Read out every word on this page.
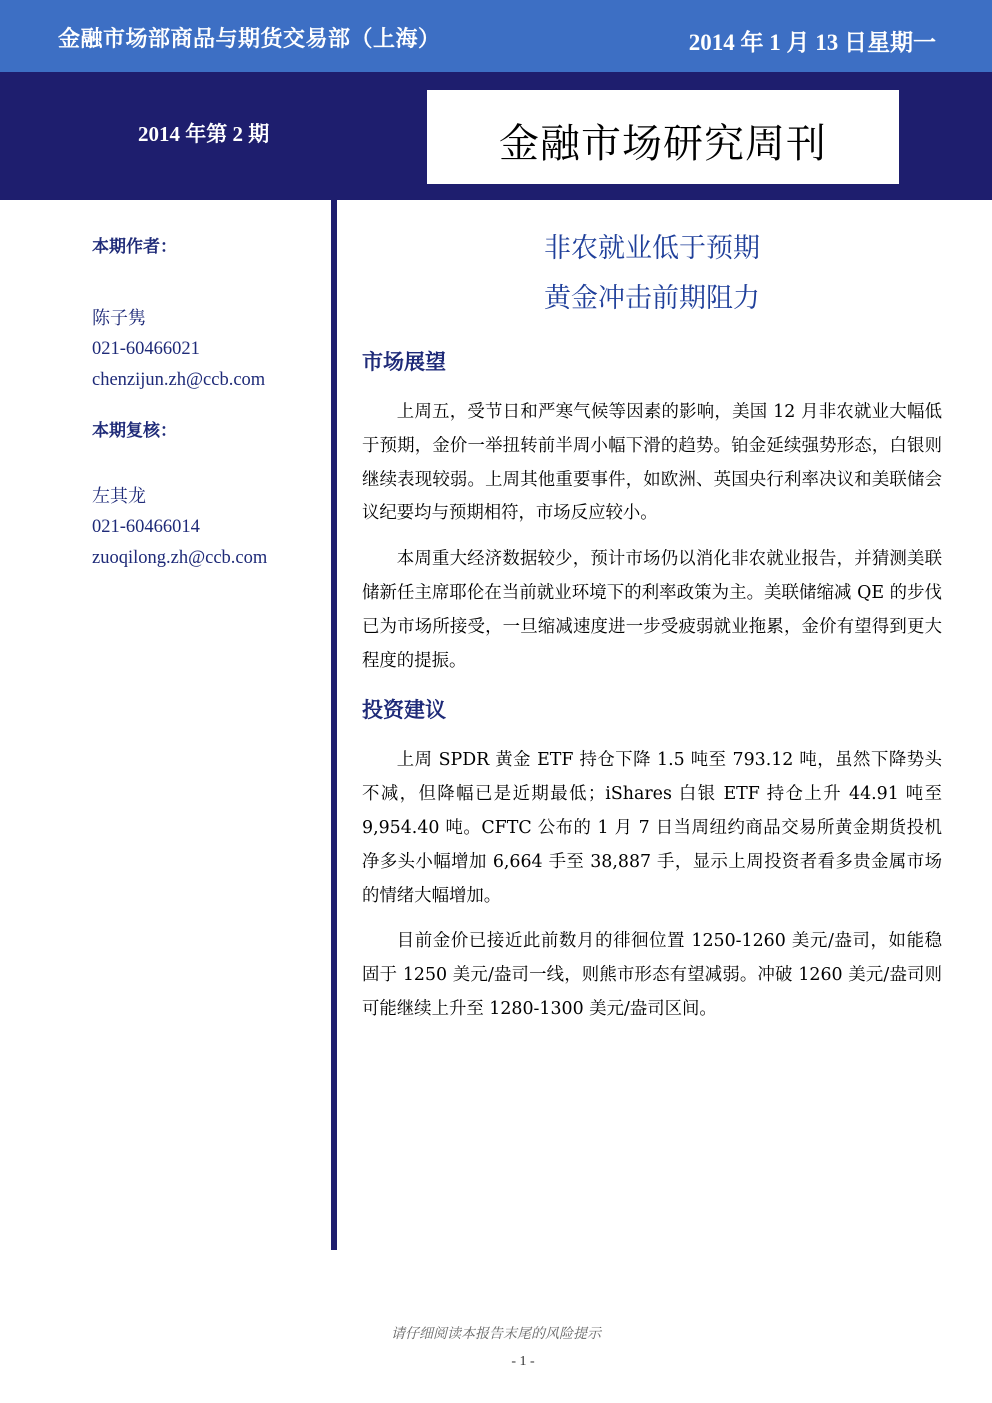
金融市场部商品与期货交易部（上海）	2014 年 1 月 13 日星期一
2014 年第 2 期	金融市场研究周刊
本期作者：
陈子隽
021-60466021
chenzijun.zh@ccb.com
本期复核：
左其龙
021-60466014
zuoqilong.zh@ccb.com
非农就业低于预期
黄金冲击前期阻力
市场展望

上周五，受节日和严寒气候等因素的影响，美国 12 月非农就业大幅低于预期，金价一举扭转前半周小幅下滑的趋势。铂金延续强势形态，白银则继续表现较弱。上周其他重要事件，如欧洲、英国央行利率决议和美联储会议纪要均与预期相符，市场反应较小。

本周重大经济数据较少，预计市场仍以消化非农就业报告，并猜测美联储新任主席耶伦在当前就业环境下的利率政策为主。美联储缩减 QE 的步伐已为市场所接受，一旦缩减速度进一步受疲弱就业拖累，金价有望得到更大程度的提振。

投资建议

上周 SPDR 黄金 ETF 持仓下降 1.5 吨至 793.12 吨，虽然下降势头不减，但降幅已是近期最低；iShares 白银 ETF 持仓上升 44.91 吨至 9,954.40 吨。CFTC 公布的 1 月 7 日当周纽约商品交易所黄金期货投机净多头小幅增加 6,664 手至 38,887 手，显示上周投资者看多贵金属市场的情绪大幅增加。

目前金价已接近此前数月的徘徊位置 1250-1260 美元/盎司，如能稳固于 1250 美元/盎司一线，则熊市形态有望减弱。冲破 1260 美元/盎司则可能继续上升至 1280-1300 美元/盎司区间。

请仔细阅读本报告末尾的风险提示
- 1 -
